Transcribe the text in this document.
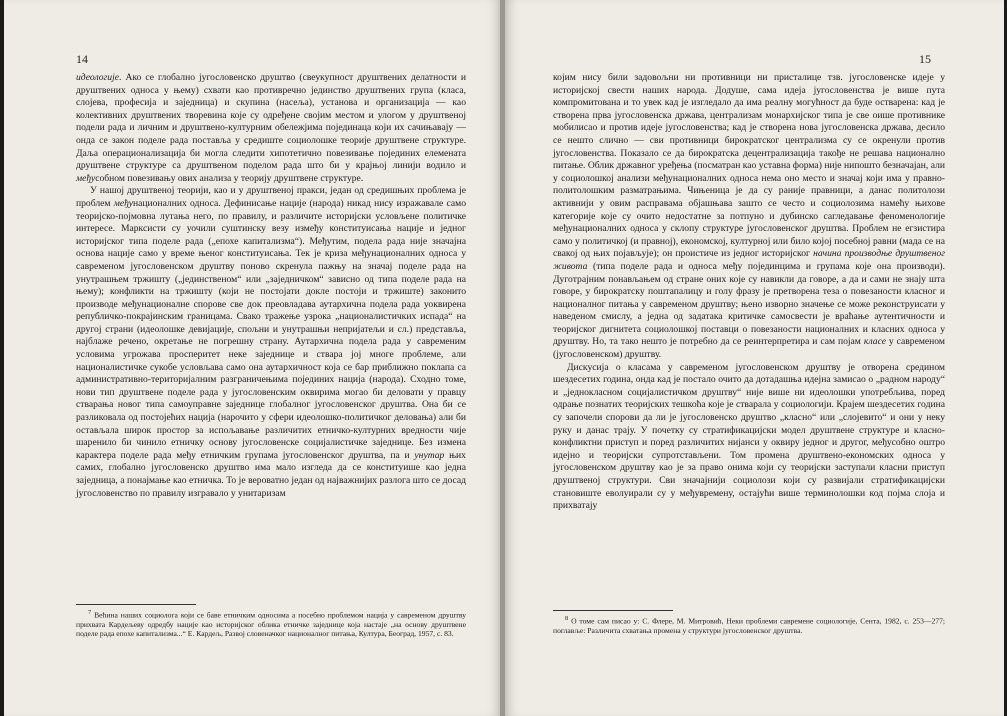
14

идеологије. Ако се глобално југословенско друштво (свеукупност друштвених делатности и друштвених односа у њему) схвати као противречно јединство друштвених група (класа, слојева, професија и заједница) и скупина (насеља), установа и организација — као колективних друштвених творевина које су одређене својим местом и улогом у друштвеној подели рада и личним и друштвено-културним обележјима појединаца који их сачињавају — онда се закон поделе рада поставља у средиште социолошке теорије друштвене структуре. Даља операционализација би могла следити хипотетично повезивање појединих елемената друштвене структуре са друштвеном поделом рада што би у крајњој линији водило и међусобном повезивању ових анализа у теорију друштвене структуре.

У нашој друштвеној теорији, као и у друштвеној пракси, један од средишњих проблема је проблем међунационалних односа. Дефинисање нације (народа) никад нису изражавале само теоријско-појмовна лутања него, по правилу, и различите историјски условљене политичке интересе. Марксисти су уочили суштинску везу између конституисања нације и једног историјског типа поделе рада („епохе капитализма“). Међутим, подела рада није значајна основа нације само у време њеног конституисања. Тек је криза међунационалних односа у савременом југословенском друштву поново скренула пажњу на значај поделе рада на унутрашњем тржишту („јединственом“ или „заједничком“ зависно од типа поделе рада на њему); конфликти на тржишту (који не постојати докле постоји и тржиште) законито производе међунационалне спорове све док преовладава аутархична подела рада уоквирена републичко-покрајинским границама. Свако тражење узрока „националистичких испада“ на другој страни (идеолошке девијације, спољни и унутрашњи непријатељи и сл.) представља, најблаже речено, окретање не погрешну страну. Аутархична подела рада у савременим условима угрожава просперитет неке заједнице и ствара јој многе проблеме, али националистичке сукобе условљава само она аутархичност која се бар приближно поклапа са административно-територијалним разграничењима појединих нација (народа). Сходно томе, нови тип друштвене поделе рада у југословенским оквирима могао би деловати у правцу стварања новог типа самоуправне заједнице глобалног југословенског друштва. Она би се разликовала од постојећих нација (нарочито у сфери идеолошко-политичког деловања) али би остављала широк простор за испољавање различитих етничко-културних вредности чије шаренило би чинило етничку основу југословенске социјалистичке заједнице. Без измена карактера поделе рада међу етничким групама југословенског друштва, па и унутар њих самих, глобално југословенско друштво има мало изгледа да се конституише као једна заједница, а понајмање као етничка. То је вероватно један од најважнијих разлога што се досад југословенство по правилу изгравало у унитаризам

$^7$ Већина наших социолога који се баве етничким односима а посебно проблемом нација у савременом друштву прихвата Кардељеву одредбу нације као историјског облика етничке заједнице која настаје „на основу друштвене поделе рада епохе капитализма...“ Е. Кардељ, Развој словеначког националног питања, Култура, Београд, 1957, с. 83.

15

којим нису били задовољни ни противници ни присталице тзв. југословенске идеје у историјској свести наших народа. Додуше, сама идеја југословенства је више пута компромитована и то увек кад је изгледало да има реалну могућност да буде остварена: кад је створена прва југословенска држава, централизам монархијског типа је све оише противнике мобилисао и против идеје југословенства; кад је створена нова југословенска држава, десило се нешто слично — сви противници бирократског централизма су се окренули против југословенства. Показало се да бирократска децентрализација такође не решава национално питање. Облик државног уређења (посматран као уставна форма) није нипошто безначајан, али у социолошкој анализи међунационалних односа нема оно место и значај који има у правно-политолошким разматрањима. Чињеница је да су раније правници, а данас политолози активнији у овим расправама објашњава зашто се често и социолозима намећу њихове категорије које су очито недостатне за потпуно и дубинско сагледавање феноменологије међунационалних односа у склопу структуре југословенског друштва. Проблем не егзистира само у политичкој (и правној), економској, културној или било којој посебној равни (мада се на свакој од њих појављује); он проистиче из једног историјског начина производње друштвеног живота (типа поделе рада и односа међу појединцима и групама које она производи). Дуготрајним понављањем од стране оних које су навикли да говоре, а да и сами не знају шта говоре, у бирократску поштапалицу и голу фразу је претворена теза о повезаности класног и националног питања у савременом друштву; њено изворно значење се може реконструисати у наведеном смислу, а једна од задатака критичке самосвести је враћање аутентичности и теоријског дигнитета социолошкој поставци о повезаности националних и класних односа у друштву. Но, та тако нешто је потребно да се реинтерпретира и сам појам класе у савременом (југословенском) друштву.

Дискусија о класама у савременом југословенском друштву је отворена средином шездесетих година, онда кад је постало очито да дотадашња идејна замисао о „радном народу“ и „једнокласном социјалистичком друштву“ није више ни идеолошки употребљива, поред одрање познатих теоријских тешкоћа које је стварала у социологији. Крајем шездесетих година су започели спорови да ли је југословенско друштво „класно“ или „слојевито“ и они у неку руку и данас трају. У почетку су стратификацијски модел друштвене структуре и класно-конфликтни приступ и поред различитих нијанси у оквиру једног и другог, међусобно оштро идејно и теоријски супротстављени. Том промена друштвено-економских односа у југословенском друштву као је за право онима који су теоријски заступали класни приступ друштвеној структури. Сви значајнији социолози који су развијали стратификацијски становиште еволуирали су у међувремену, остајући више терминолошки код појма слоја и прихватају

$^8$ О томе сам писао у: С. Флере, М. Митровић, Неки проблеми савремене социологије, Сента, 1982, с. 253—277; поглавље: Различита схватања промена у структури југословенског друштва.
